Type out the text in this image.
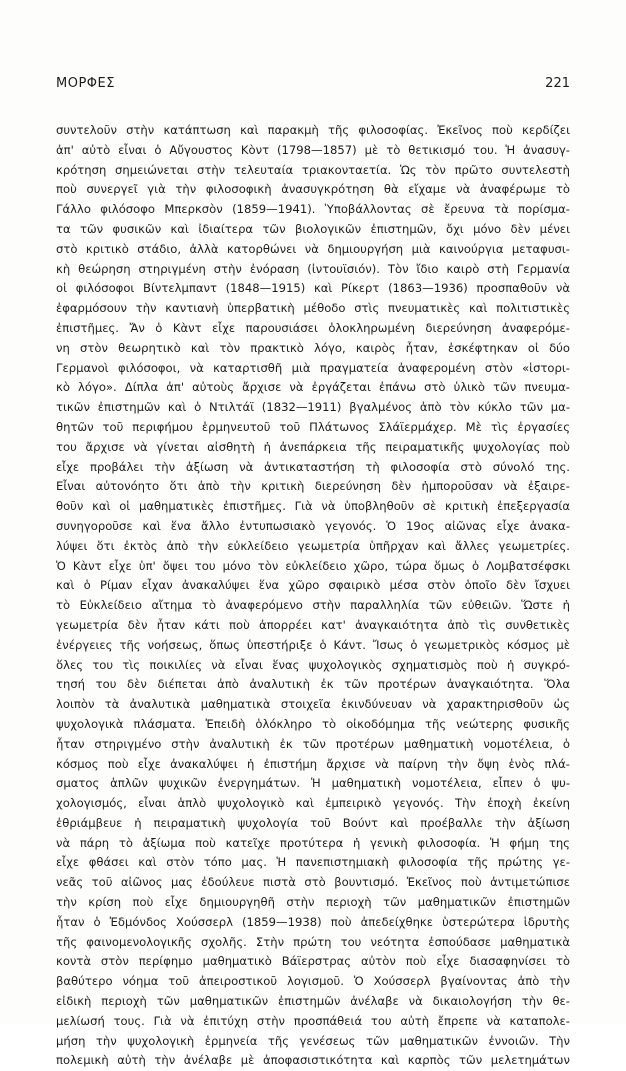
ΜΟΡΦΕΣ	221
συντελοῦν στὴν κατάπτωση καὶ παρακμὴ τῆς φιλοσοφίας. Ἐκεῖνος ποὺ κερδίζει
ἀπ' αὐτὸ εἶναι ὁ Αὔγουστος Κὸντ (1798—1857) μὲ τὸ θετικισμό του. Ἡ ἀνασυγ-
κρότηση σημειώνεται στὴν τελευταία τριακονταετία. Ὡς τὸν πρῶτο συντελεστὴ
ποὺ συνεργεῖ γιὰ τὴν φιλοσοφικὴ ἀνασυγκρότηση θὰ εἴχαμε νὰ ἀναφέρωμε τὸ
Γάλλο φιλόσοφο Μπερκσὸν (1859—1941). Ὑποβάλλοντας σὲ ἔρευνα τὰ πορίσμα-
τα τῶν φυσικῶν καὶ ἰδιαίτερα τῶν βιολογικῶν ἐπιστημῶν, ὄχι μόνο δὲν μένει
στὸ κριτικὸ στάδιο, ἀλλὰ κατορθώνει νὰ δημιουργήση μιὰ καινούργια μεταφυσι-
κὴ θεώρηση στηριγμένη στὴν ἐνόραση (ἰντουϊσιόν). Τὸν ἴδιο καιρὸ στὴ Γερμανία
οἱ φιλόσοφοι Βίντελμπαντ (1848—1915) καὶ Ρίκερτ (1863—1936) προσπαθοῦν νὰ
ἐφαρμόσουν τὴν καντιανὴ ὑπερβατικὴ μέθοδο στὶς πνευματικὲς καὶ πολιτιστικὲς
ἐπιστῆμες. Ἄν ὁ Κὰντ εἶχε παρουσιάσει ὁλοκληρωμένη διερεύνηση ἀναφερόμε-
νη στὸν θεωρητικὸ καὶ τὸν πρακτικὸ λόγο, καιρὸς ἦταν, ἐσκέφτηκαν οἱ δύο
Γερμανοὶ φιλόσοφοι, νὰ καταρτισθῆ μιὰ πραγματεία ἀναφερομένη στὸν «ἱστορι-
κὸ λόγο». Δίπλα ἀπ' αὐτοὺς ἄρχισε νὰ ἐργάζεται ἐπάνω στὸ ὑλικὸ τῶν πνευμα-
τικῶν ἐπιστημῶν καὶ ὁ Ντιλτάϊ (1832—1911) βγαλμένος ἀπὸ τὸν κύκλο τῶν μα-
θητῶν τοῦ περιφήμου ἑρμηνευτοῦ τοῦ Πλάτωνος Σλάϊερμάχερ. Μὲ τὶς ἐργασίες
του ἄρχισε νὰ γίνεται αἰσθητὴ ἡ ἀνεπάρκεια τῆς πειραματικῆς ψυχολογίας ποὺ
εἶχε προβάλει τὴν ἀξίωση νὰ ἀντικαταστήση τὴ φιλοσοφία στὸ σύνολό της.
Εἶναι αὐτονόητο ὅτι ἀπὸ τὴν κριτικὴ διερεύνηση δὲν ἠμποροῦσαν νὰ ἐξαιρε-
θοῦν καὶ οἱ μαθηματικὲς ἐπιστῆμες. Γιὰ νὰ ὑποβληθοῦν σὲ κριτικὴ ἐπεξεργασία
συνηγοροῦσε καὶ ἕνα ἄλλο ἐντυπωσιακὸ γεγονός. Ὁ 19ος αἰῶνας εἶχε ἀνακα-
λύψει ὅτι ἐκτὸς ἀπὸ τὴν εὐκλείδειο γεωμετρία ὑπῆρχαν καὶ ἄλλες γεωμετρίες.
Ὁ Κὰντ εἶχε ὑπ' ὄψει του μόνο τὸν εὐκλείδειο χῶρο, τώρα ὅμως ὁ Λομβατσέφσκι
καὶ ὁ Ρίμαν εἶχαν ἀνακαλύψει ἕνα χῶρο σφαιρικὸ μέσα στὸν ὁποῖο δὲν ἴσχυει
τὸ Εὐκλείδειο αἴτημα τὸ ἀναφερόμενο στὴν παραλληλία τῶν εὐθειῶν. Ὥστε ἡ
γεωμετρία δὲν ἦταν κάτι ποὺ ἀπορρέει κατ' ἀναγκαιότητα ἀπὸ τὶς συνθετικὲς
ἐνέργειες τῆς νοήσεως, ὅπως ὑπεστήριξε ὁ Κάντ. Ἴσως ὁ γεωμετρικὸς κόσμος μὲ
ὅλες του τὶς ποικιλίες νὰ εἶναι ἕνας ψυχολογικὸς σχηματισμὸς ποὺ ἡ συγκρό-
τησή του δὲν διέπεται ἀπὸ ἀναλυτικὴ ἐκ τῶν προτέρων ἀναγκαιότητα. Ὅλα
λοιπὸν τὰ ἀναλυτικὰ μαθηματικὰ στοιχεῖα ἐκινδύνευαν νὰ χαρακτηρισθοῦν ὡς
ψυχολογικὰ πλάσματα. Ἐπειδὴ ὁλόκληρο τὸ οἰκοδόμημα τῆς νεώτερης φυσικῆς
ἦταν στηριγμένο στὴν ἀναλυτικὴ ἐκ τῶν προτέρων μαθηματικὴ νομοτέλεια, ὁ
κόσμος ποὺ εἶχε ἀνακαλύψει ἡ ἐπιστήμη ἄρχισε νὰ παίρνη τὴν ὄψη ἑνὸς πλά-
σματος ἁπλῶν ψυχικῶν ἐνεργημάτων. Ἡ μαθηματικὴ νομοτέλεια, εἶπεν ὁ ψυ-
χολογισμός, εἶναι ἁπλὸ ψυχολογικὸ καὶ ἐμπειρικὸ γεγονός. Τὴν ἐποχὴ ἐκείνη
ἐθριάμβευε ἡ πειραματικὴ ψυχολογία τοῦ Βούντ καὶ προέβαλλε τὴν ἀξίωση
νὰ πάρη τὸ ἀξίωμα ποὺ κατεῖχε προτύτερα ἡ γενικὴ φιλοσοφία. Ἡ φήμη της
εἶχε φθάσει καὶ στὸν τόπο μας. Ἡ πανεπιστημιακὴ φιλοσοφία τῆς πρώτης γε-
νεᾶς τοῦ αἰῶνος μας ἐδούλευε πιστὰ στὸ βουντισμό. Ἐκεῖνος ποὺ ἀντιμετώπισε
τὴν κρίση ποὺ εἶχε δημιουργηθῆ στὴν περιοχὴ τῶν μαθηματικῶν ἐπιστημῶν
ἦταν ὁ Ἐδμόνδος Χούσσερλ (1859—1938) ποὺ ἀπεδείχθηκε ὑστερώτερα ἱδρυτὴς
τῆς φαινομενολογικῆς σχολῆς. Στὴν πρώτη του νεότητα ἐσπούδασε μαθηματικὰ
κοντὰ στὸν περίφημο μαθηματικὸ Βάϊερστρας αὐτὸν ποὺ εἶχε διασαφηνίσει τὸ
βαθύτερο νόημα τοῦ ἀπειροστικοῦ λογισμοῦ. Ὁ Χούσσερλ βγαίνοντας ἀπὸ τὴν
εἰδικὴ περιοχὴ τῶν μαθηματικῶν ἐπιστημῶν ἀνέλαβε νὰ δικαιολογήση τὴν θε-
μελίωσή τους. Γιὰ νὰ ἐπιτύχη στὴν προσπάθειά του αὐτὴ ἔπρεπε νὰ καταπολε-
μήση τὴν ψυχολογικὴ ἑρμηνεία τῆς γενέσεως τῶν μαθηματικῶν ἐννοιῶν. Τὴν
πολεμικὴ αὐτὴ τὴν ἀνέλαβε μὲ ἀποφασιστικότητα καὶ καρπὸς τῶν μελετημάτων
